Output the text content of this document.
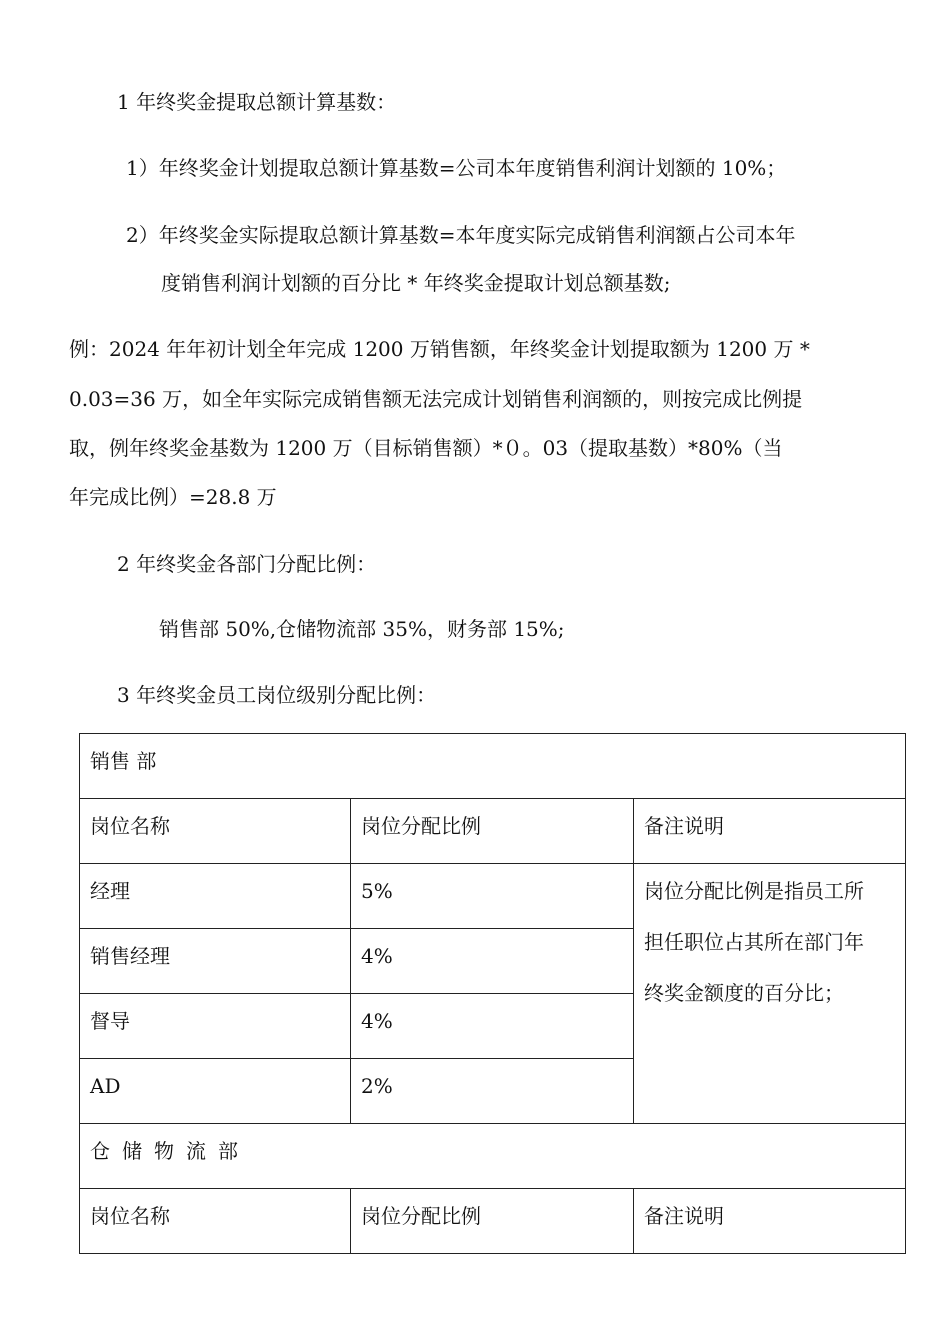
1 年终奖金提取总额计算基数：
1）年终奖金计划提取总额计算基数=公司本年度销售利润计划额的 10%；
2）年终奖金实际提取总额计算基数=本年度实际完成销售利润额占公司本年
度销售利润计划额的百分比 * 年终奖金提取计划总额基数;
例：2024 年年初计划全年完成 1200 万销售额，年终奖金计划提取额为 1200 万 *
0.03=36 万，如全年实际完成销售额无法完成计划销售利润额的，则按完成比例提
取，例年终奖金基数为 1200 万（目标销售额）*０。03（提取基数）*80%（当
年完成比例）=28.8 万
2 年终奖金各部门分配比例：
销售部 50%,仓储物流部 35%，财务部 15%;
3 年终奖金员工岗位级别分配比例：
销售 部		
岗位名称	岗位分配比例	备注说明
经理	5%	岗位分配比例是指员工所
担任职位占其所在部门年
终奖金额度的百分比；

销售经理	4%	
督导	4%	
AD	2%	
仓储物流部		
岗位名称	岗位分配比例	备注说明
